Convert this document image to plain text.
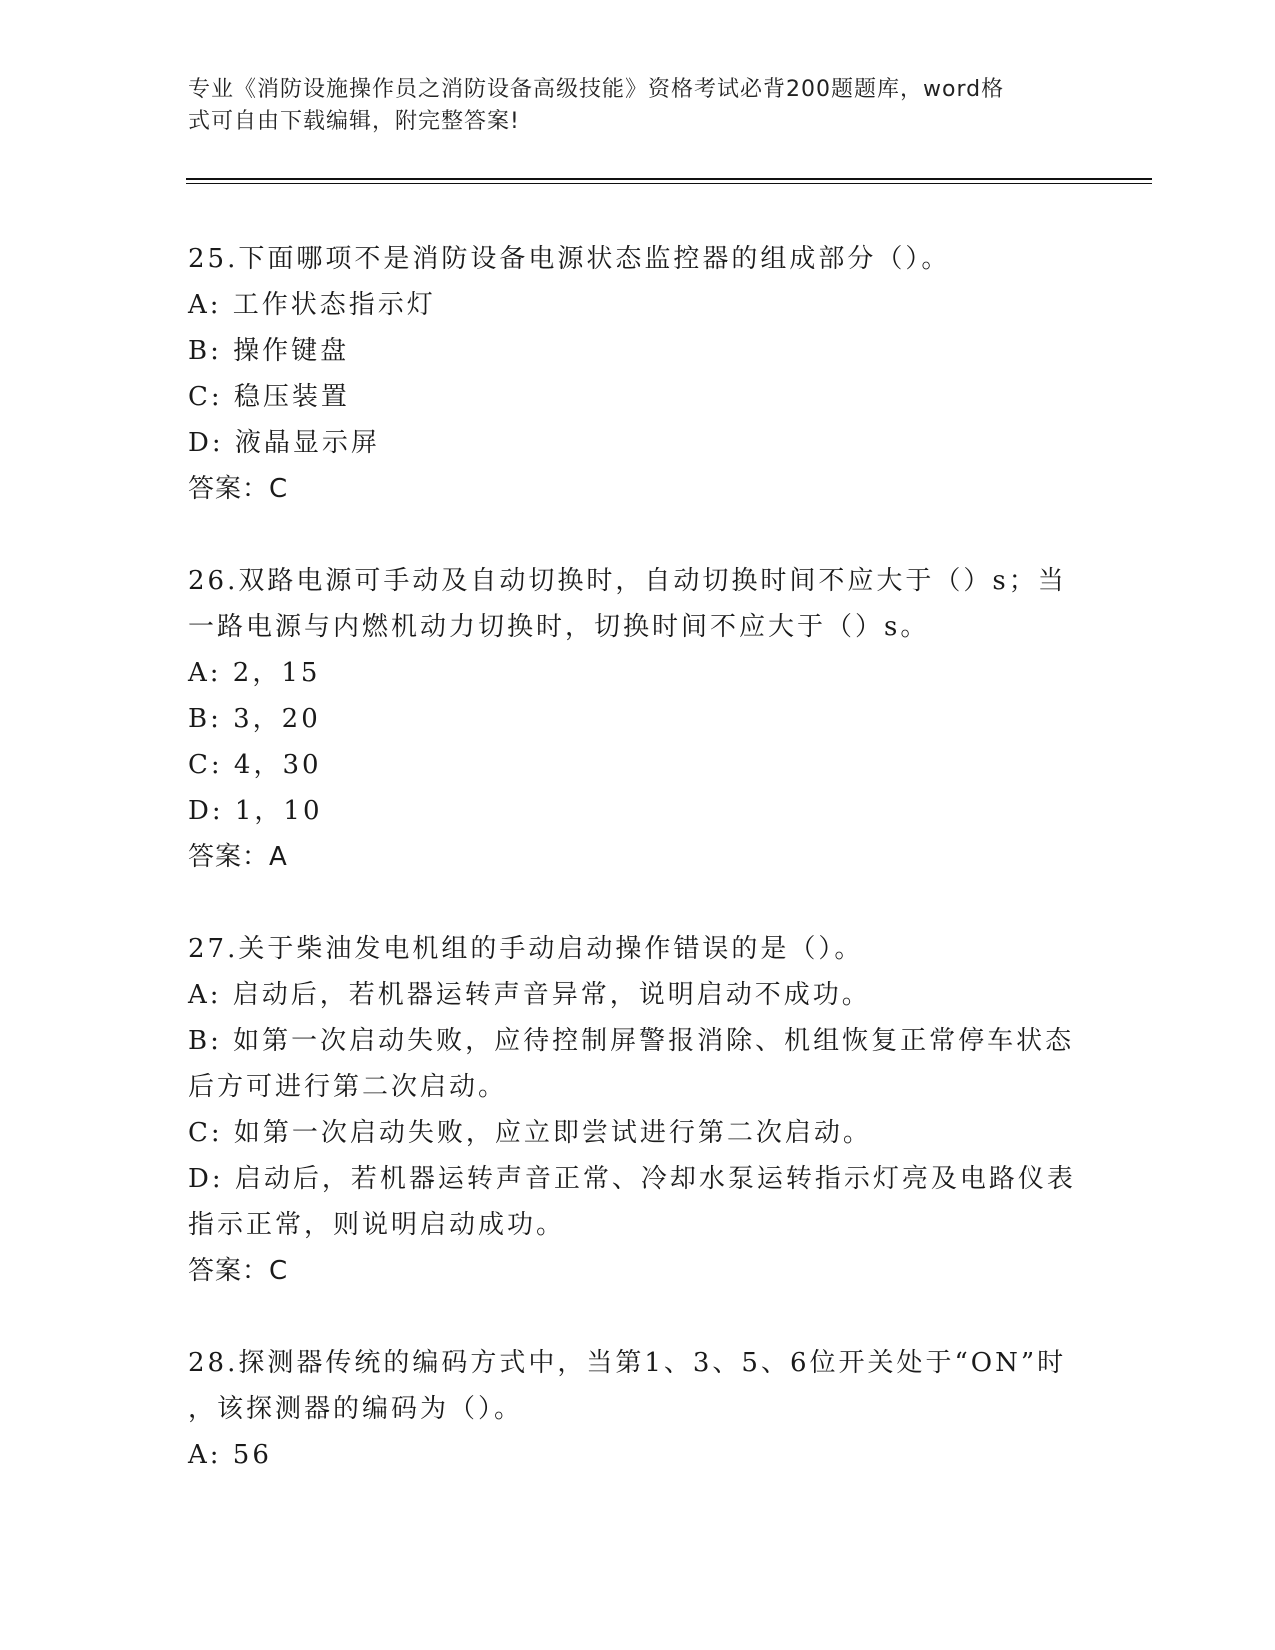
专业《消防设施操作员之消防设备高级技能》资格考试必背200题题库，word格
式可自由下载编辑，附完整答案!
25.下面哪项不是消防设备电源状态监控器的组成部分（）。
A: 工作状态指示灯
B: 操作键盘
C: 稳压装置
D: 液晶显示屏
答案：C
26.双路电源可手动及自动切换时，自动切换时间不应大于（）s；当
一路电源与内燃机动力切换时，切换时间不应大于（）s。
A: 2，15
B: 3，20
C: 4，30
D: 1，10
答案：A
27.关于柴油发电机组的手动启动操作错误的是（）。
A: 启动后，若机器运转声音异常，说明启动不成功。
B: 如第一次启动失败，应待控制屏警报消除、机组恢复正常停车状态
后方可进行第二次启动。
C: 如第一次启动失败，应立即尝试进行第二次启动。
D: 启动后，若机器运转声音正常、冷却水泵运转指示灯亮及电路仪表
指示正常，则说明启动成功。
答案：C
28.探测器传统的编码方式中，当第1、3、5、6位开关处于“ON”时
，该探测器的编码为（）。
A: 56
